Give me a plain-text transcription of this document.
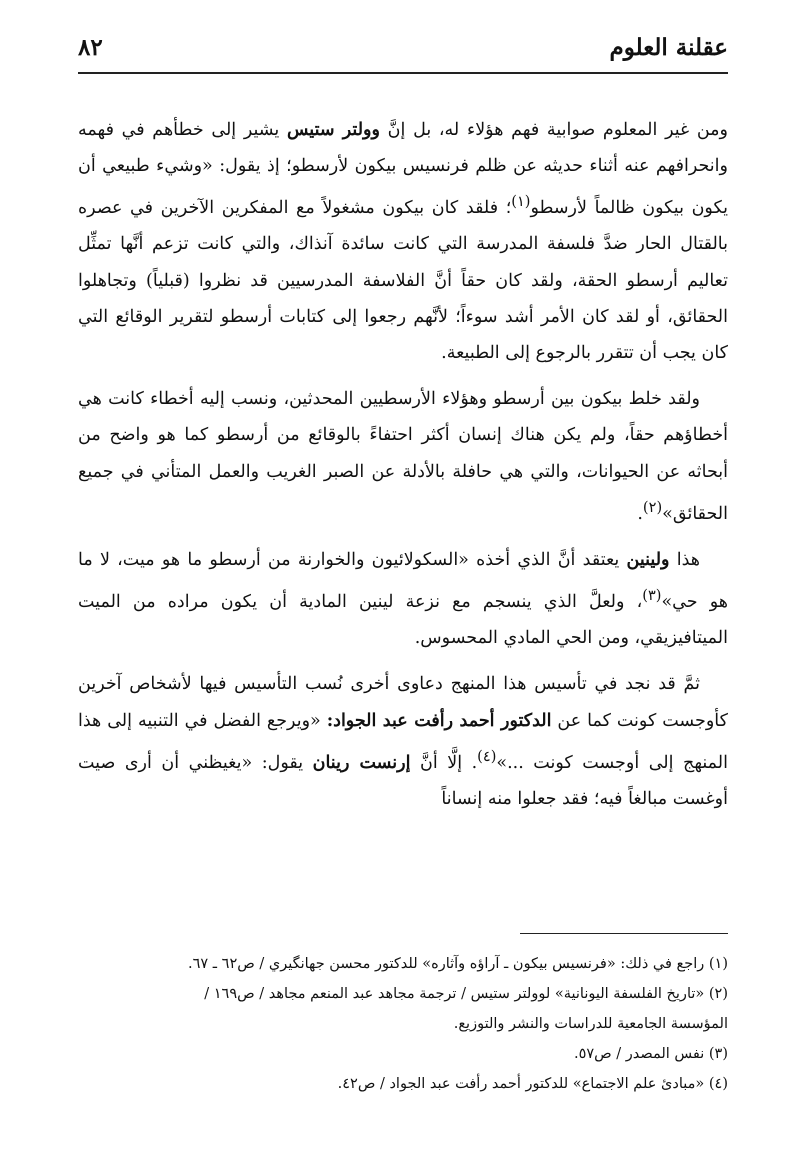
عقلنة العلوم
٨٢

ومن غير المعلوم صوابية فهم هؤلاء له، بل إنَّ وولتر ستيس يشير إلى خطأهم في فهمه وانحرافهم عنه أثناء حديثه عن ظلم فرنسيس بيكون لأرسطو؛ إذ يقول: «وشيء طبيعي أن يكون بيكون ظالماً لأرسطو$^{(١)}$؛ فلقد كان بيكون مشغولاً مع المفكرين الآخرين في عصره بالقتال الحار ضدَّ فلسفة المدرسة التي كانت سائدة آنذاك، والتي كانت تزعم أنَّها تمثِّل تعاليم أرسطو الحقة، ولقد كان حقاً أنَّ الفلاسفة المدرسيين قد نظروا (قبلياً) وتجاهلوا الحقائق، أو لقد كان الأمر أشد سوءاً؛ لأنَّهم رجعوا إلى كتابات أرسطو لتقرير الوقائع التي كان يجب أن تتقرر بالرجوع إلى الطبيعة.

ولقد خلط بيكون بين أرسطو وهؤلاء الأرسطيين المحدثين، ونسب إليه أخطاء كانت هي أخطاؤهم حقاً، ولم يكن هناك إنسان أكثر احتفاءً بالوقائع من أرسطو كما هو واضح من أبحاثه عن الحيوانات، والتي هي حافلة بالأدلة عن الصبر الغريب والعمل المتأني في جميع الحقائق»$^{(٢)}$.

هذا ولينين يعتقد أنَّ الذي أخذه «السكولائيون والخوارنة من أرسطو ما هو ميت، لا ما هو حي»$^{(٣)}$، ولعلَّ الذي ينسجم مع نزعة لينين المادية أن يكون مراده من الميت الميتافيزيقي، ومن الحي المادي المحسوس.

ثمَّ قد نجد في تأسيس هذا المنهج دعاوى أخرى نُسب التأسيس فيها لأشخاص آخرين كأوجست كونت كما عن الدكتور أحمد رأفت عبد الجواد: «ويرجع الفضل في التنبيه إلى هذا المنهج إلى أوجست كونت ...»$^{(٤)}$. إلَّا أنَّ إرنست رينان يقول: «يغيظني أن أرى صيت أوغست مبالغاً فيه؛ فقد جعلوا منه إنساناً

(١) راجع في ذلك: «فرنسيس بيكون ـ آراؤه وآثاره» للدكتور محسن جهانگيري / ص٦٢ ـ ٦٧.

(٢) «تاريخ الفلسفة اليونانية» لوولتر ستيس / ترجمة مجاهد عبد المنعم مجاهد / ص١٦٩ /

المؤسسة الجامعية للدراسات والنشر والتوزيع.

(٣) نفس المصدر / ص٥٧.

(٤) «مبادئ علم الاجتماع» للدكتور أحمد رأفت عبد الجواد / ص٤٢.
